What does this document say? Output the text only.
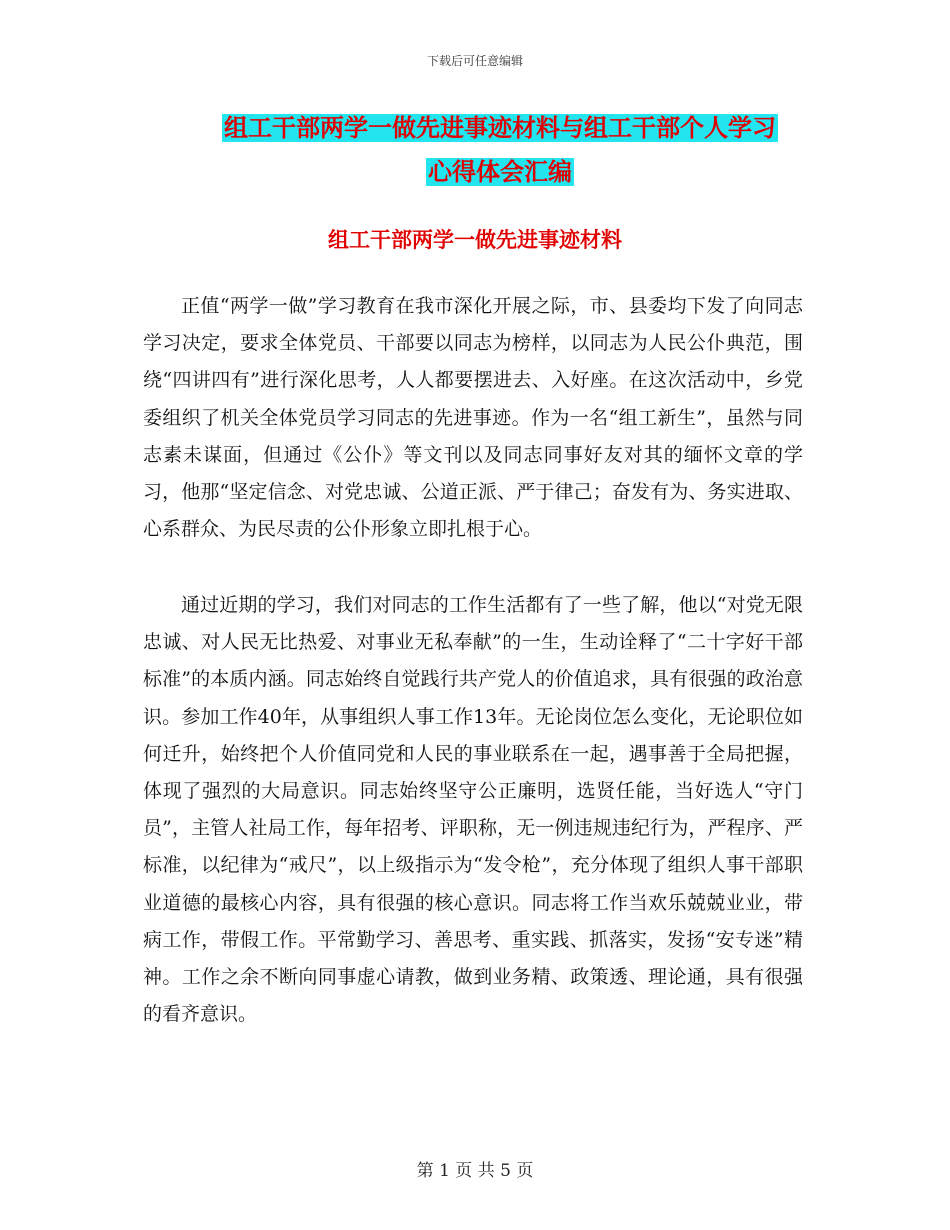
下载后可任意编辑
组工干部两学一做先进事迹材料与组工干部个人学习
心得体会汇编
组工干部两学一做先进事迹材料

正值“两学一做”学习教育在我市深化开展之际，市、县委均下发了向同志学习决定，要求全体党员、干部要以同志为榜样，以同志为人民公仆典范，围绕“四讲四有”进行深化思考，人人都要摆进去、入好座。在这次活动中，乡党委组织了机关全体党员学习同志的先进事迹。作为一名“组工新生”，虽然与同志素未谋面，但通过《公仆》等文刊以及同志同事好友对其的缅怀文章的学习，他那“坚定信念、对党忠诚、公道正派、严于律己；奋发有为、务实进取、心系群众、为民尽责的公仆形象立即扎根于心。

通过近期的学习，我们对同志的工作生活都有了一些了解，他以“对党无限忠诚、对人民无比热爱、对事业无私奉献”的一生，生动诠释了“二十字好干部标准”的本质内涵。同志始终自觉践行共产党人的价值追求，具有很强的政治意识。参加工作40年，从事组织人事工作13年。无论岗位怎么变化，无论职位如何迁升，始终把个人价值同党和人民的事业联系在一起，遇事善于全局把握，体现了强烈的大局意识。同志始终坚守公正廉明，选贤任能，当好选人“守门员”，主管人社局工作，每年招考、评职称，无一例违规违纪行为，严程序、严标准，以纪律为“戒尺”，以上级指示为“发令枪”，充分体现了组织人事干部职业道德的最核心内容，具有很强的核心意识。同志将工作当欢乐兢兢业业，带病工作，带假工作。平常勤学习、善思考、重实践、抓落实，发扬“安专迷”精神。工作之余不断向同事虚心请教，做到业务精、政策透、理论通，具有很强的看齐意识。

第 1 页 共 5 页
